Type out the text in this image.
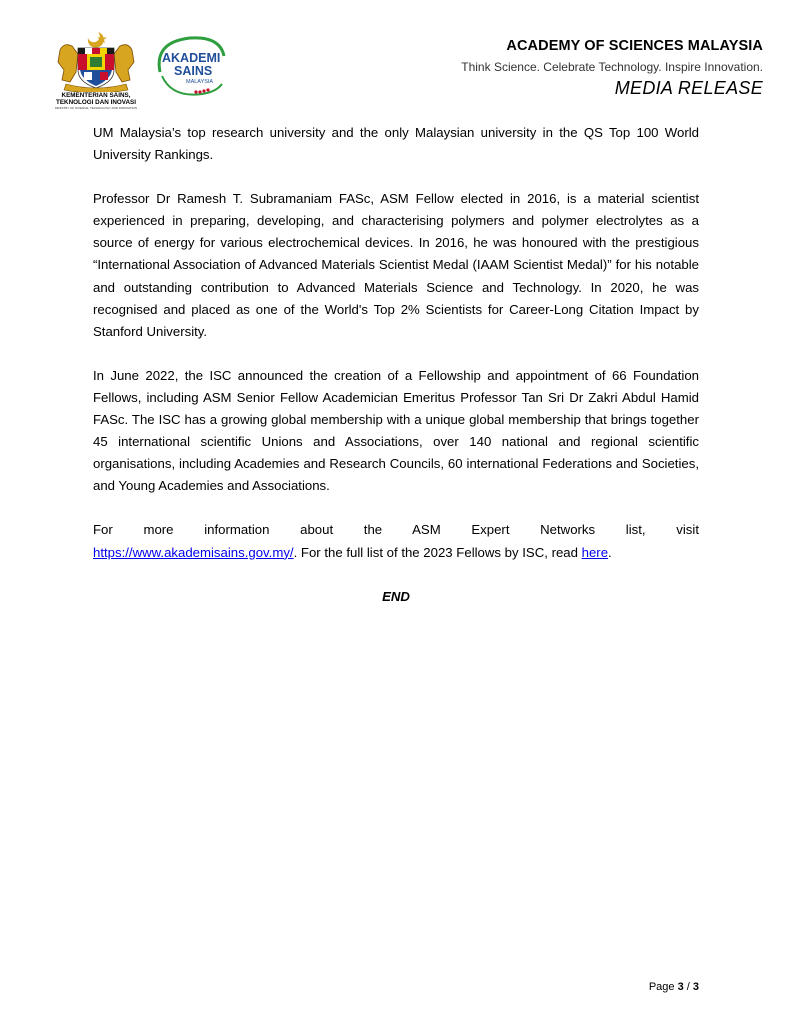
KEMENTERIAN SAINS,
TEKNOLOGI DAN INOVASI
MINISTRY OF SCIENCE, TECHNOLOGY AND INNOVATION
AKADEMI
SAINS
MALAYSIA
ACADEMY OF SCIENCES MALAYSIA
Think Science. Celebrate Technology. Inspire Innovation.
MEDIA RELEASE

UM Malaysia’s top research university and the only Malaysian university in the QS Top 100 World University Rankings.

Professor Dr Ramesh T. Subramaniam FASc, ASM Fellow elected in 2016, is a material scientist experienced in preparing, developing, and characterising polymers and polymer electrolytes as a source of energy for various electrochemical devices. In 2016, he was honoured with the prestigious “International Association of Advanced Materials Scientist Medal (IAAM Scientist Medal)” for his notable and outstanding contribution to Advanced Materials Science and Technology. In 2020, he was recognised and placed as one of the World's Top 2% Scientists for Career-Long Citation Impact by Stanford University.

In June 2022, the ISC announced the creation of a Fellowship and appointment of 66 Foundation Fellows, including ASM Senior Fellow Academician Emeritus Professor Tan Sri Dr Zakri Abdul Hamid FASc. The ISC has a growing global membership with a unique global membership that brings together 45 international scientific Unions and Associations, over 140 national and regional scientific organisations, including Academies and Research Councils, 60 international Federations and Societies, and Young Academies and Associations.

For more information about the ASM Expert Networks list, visit
https://www.akademisains.gov.my/. For the full list of the 2023 Fellows by ISC, read here.

END

Page 3 / 3
